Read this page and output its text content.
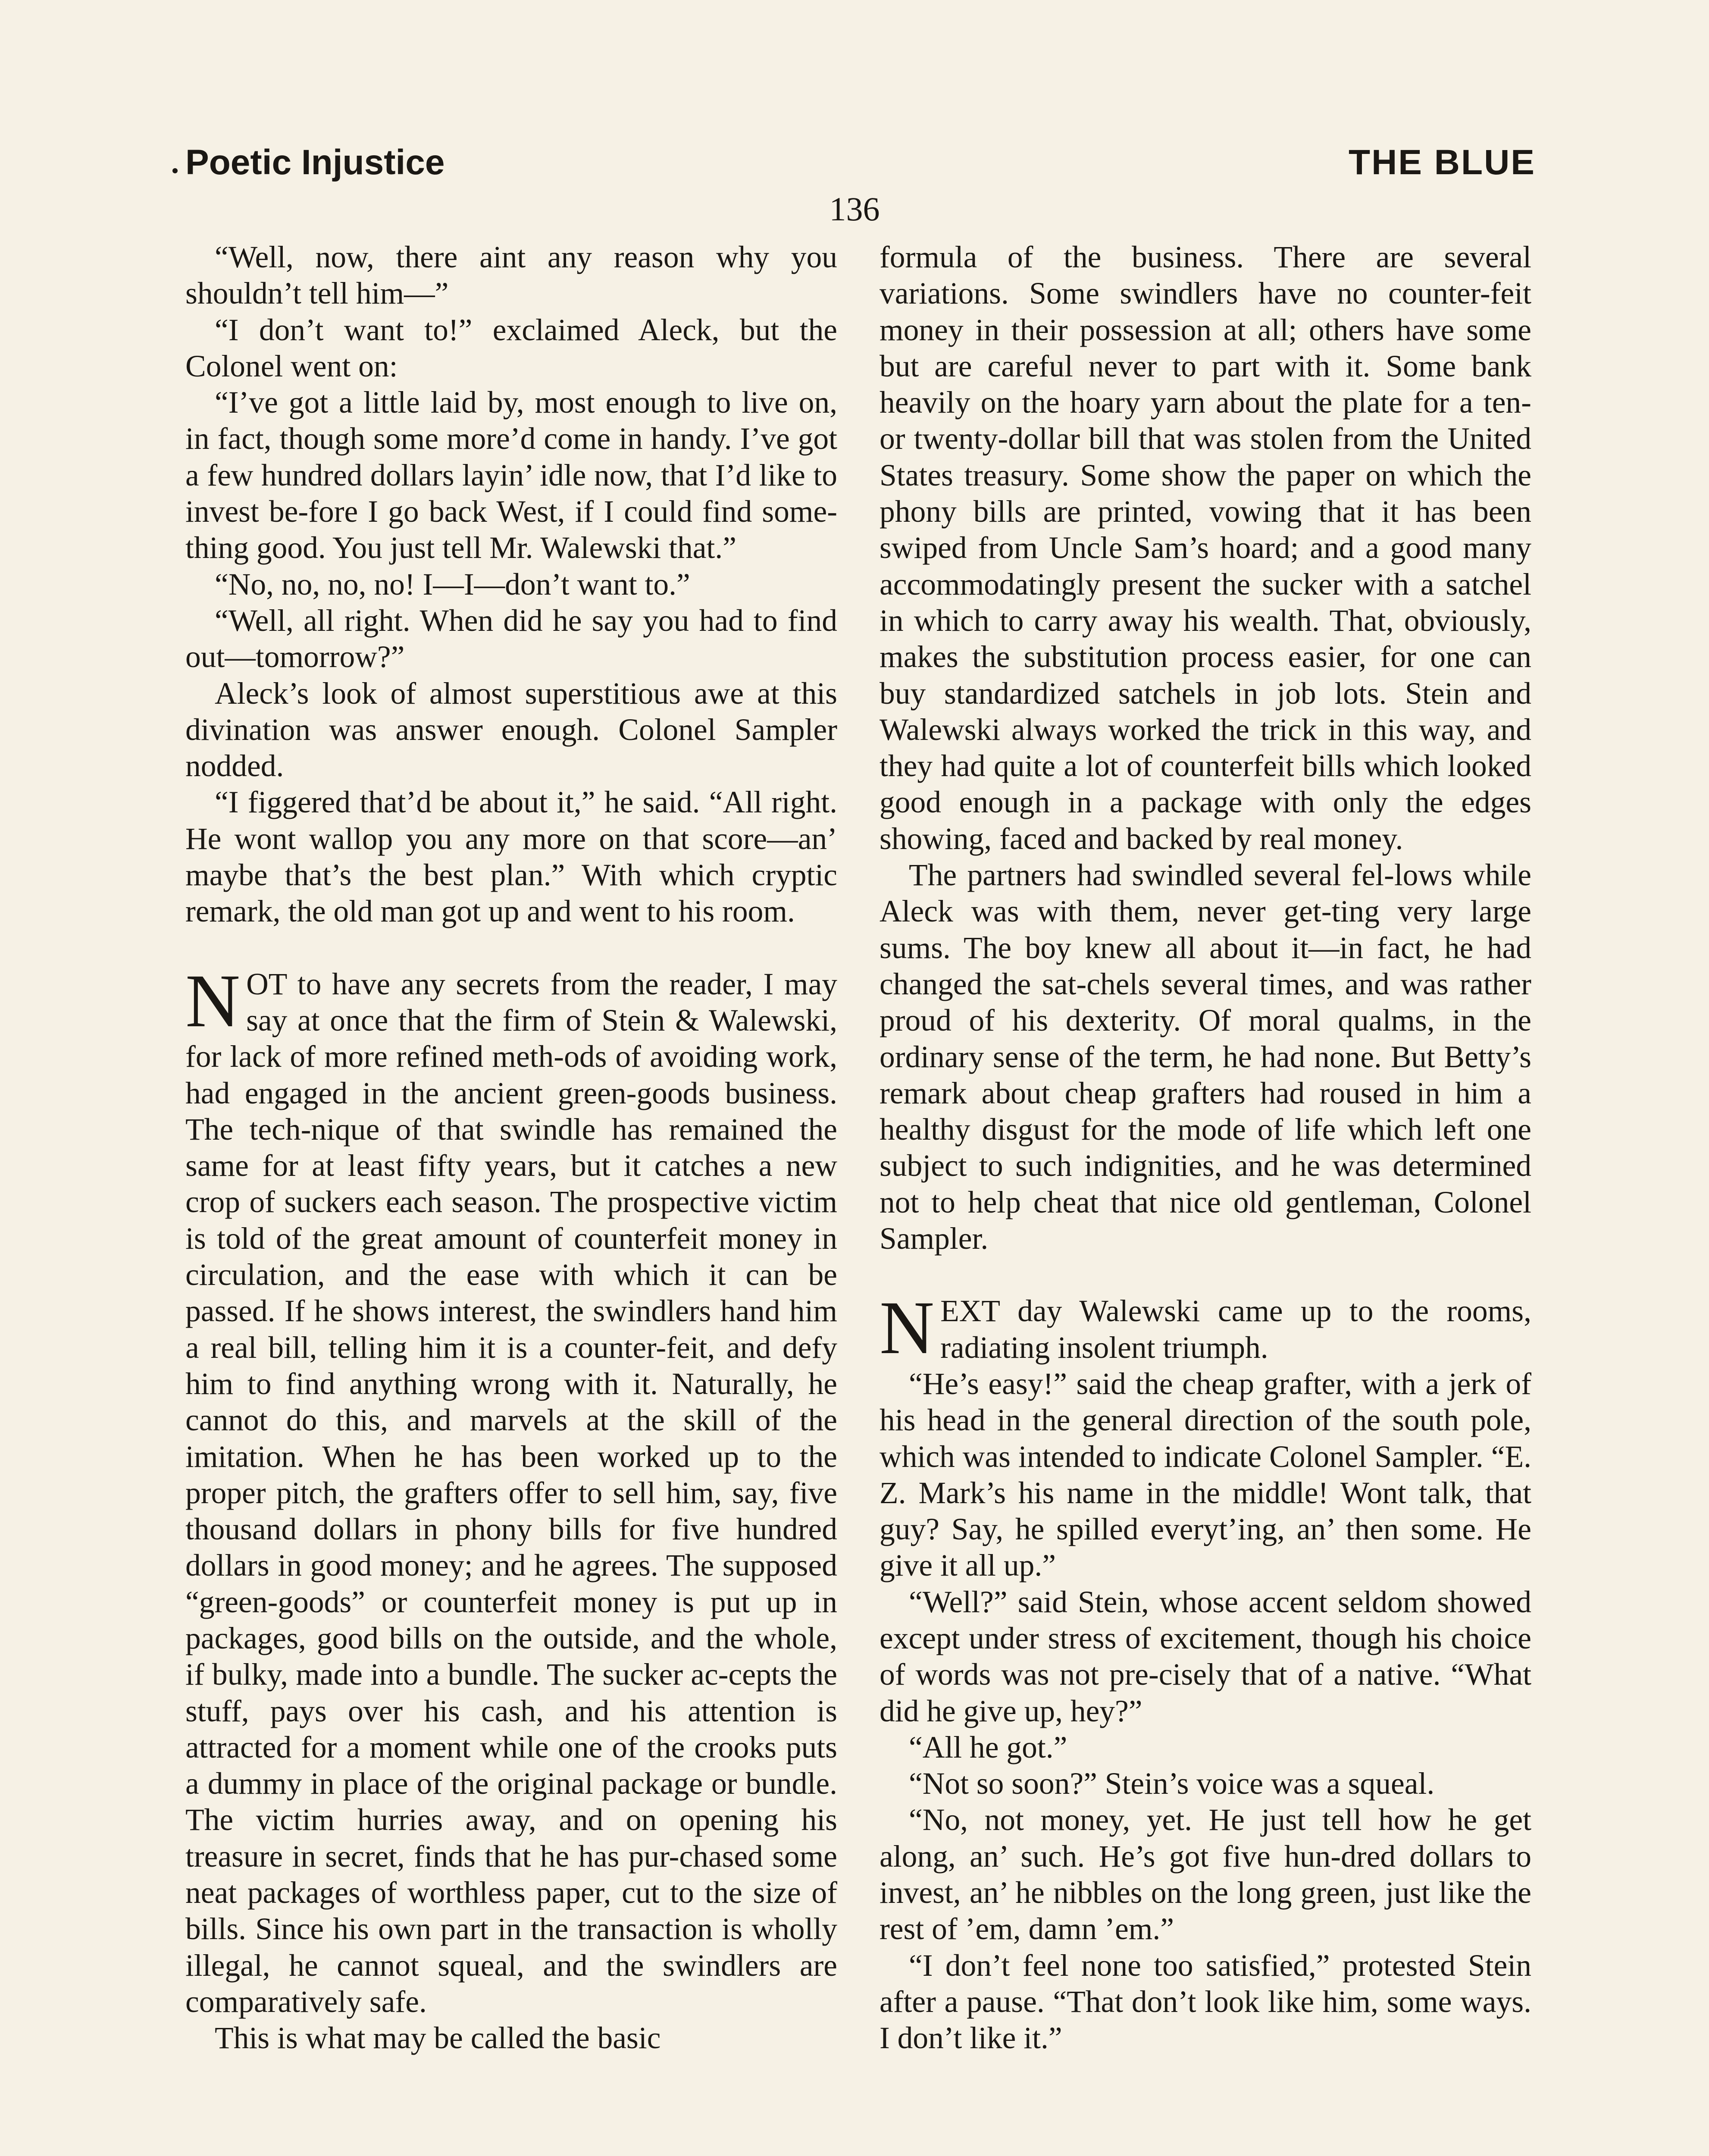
Poetic Injustice	THE BLUE
136

“Well, now, there aint any reason why you shouldn’t tell him—”

“I don’t want to!” exclaimed Aleck, but the Colonel went on:

“I’ve got a little laid by, most enough to live on, in fact, though some more’d come in handy. I’ve got a few hundred dollars layin’ idle now, that I’d like to invest be-fore I go back West, if I could find some-thing good. You just tell Mr. Walewski that.”

“No, no, no, no! I—I—don’t want to.”

“Well, all right. When did he say you had to find out—tomorrow?”

Aleck’s look of almost superstitious awe at this divination was answer enough. Colonel Sampler nodded.

“I figgered that’d be about it,” he said. “All right. He wont wallop you any more on that score—an’ maybe that’s the best plan.” With which cryptic remark, the old man got up and went to his room.

NOT to have any secrets from the reader, I may say at once that the firm of Stein & Walewski, for lack of more refined meth-ods of avoiding work, had engaged in the ancient green-goods business. The tech-nique of that swindle has remained the same for at least fifty years, but it catches a new crop of suckers each season. The prospective victim is told of the great amount of counterfeit money in circulation, and the ease with which it can be passed. If he shows interest, the swindlers hand him a real bill, telling him it is a counter-feit, and defy him to find anything wrong with it. Naturally, he cannot do this, and marvels at the skill of the imitation. When he has been worked up to the proper pitch, the grafters offer to sell him, say, five thousand dollars in phony bills for five hundred dollars in good money; and he agrees. The supposed “green-goods” or counterfeit money is put up in packages, good bills on the outside, and the whole, if bulky, made into a bundle. The sucker ac-cepts the stuff, pays over his cash, and his attention is attracted for a moment while one of the crooks puts a dummy in place of the original package or bundle. The victim hurries away, and on opening his treasure in secret, finds that he has pur-chased some neat packages of worthless paper, cut to the size of bills. Since his own part in the transaction is wholly illegal, he cannot squeal, and the swindlers are comparatively safe.

This is what may be called the basic

formula of the business. There are several variations. Some swindlers have no counter-feit money in their possession at all; others have some but are careful never to part with it. Some bank heavily on the hoary yarn about the plate for a ten- or twenty-dollar bill that was stolen from the United States treasury. Some show the paper on which the phony bills are printed, vowing that it has been swiped from Uncle Sam’s hoard; and a good many accommodatingly present the sucker with a satchel in which to carry away his wealth. That, obviously, makes the substitution process easier, for one can buy standardized satchels in job lots. Stein and Walewski always worked the trick in this way, and they had quite a lot of counterfeit bills which looked good enough in a package with only the edges showing, faced and backed by real money.

The partners had swindled several fel-lows while Aleck was with them, never get-ting very large sums. The boy knew all about it—in fact, he had changed the sat-chels several times, and was rather proud of his dexterity. Of moral qualms, in the ordinary sense of the term, he had none. But Betty’s remark about cheap grafters had roused in him a healthy disgust for the mode of life which left one subject to such indignities, and he was determined not to help cheat that nice old gentleman, Colonel Sampler.

NEXT day Walewski came up to the rooms, radiating insolent triumph.

“He’s easy!” said the cheap grafter, with a jerk of his head in the general direction of the south pole, which was intended to indicate Colonel Sampler. “E. Z. Mark’s his name in the middle! Wont talk, that guy? Say, he spilled everyt’ing, an’ then some. He give it all up.”

“Well?” said Stein, whose accent seldom showed except under stress of excitement, though his choice of words was not pre-cisely that of a native. “What did he give up, hey?”

“All he got.”

“Not so soon?” Stein’s voice was a squeal.

“No, not money, yet. He just tell how he get along, an’ such. He’s got five hun-dred dollars to invest, an’ he nibbles on the long green, just like the rest of ’em, damn ’em.”

“I don’t feel none too satisfied,” protested Stein after a pause. “That don’t look like him, some ways. I don’t like it.”
